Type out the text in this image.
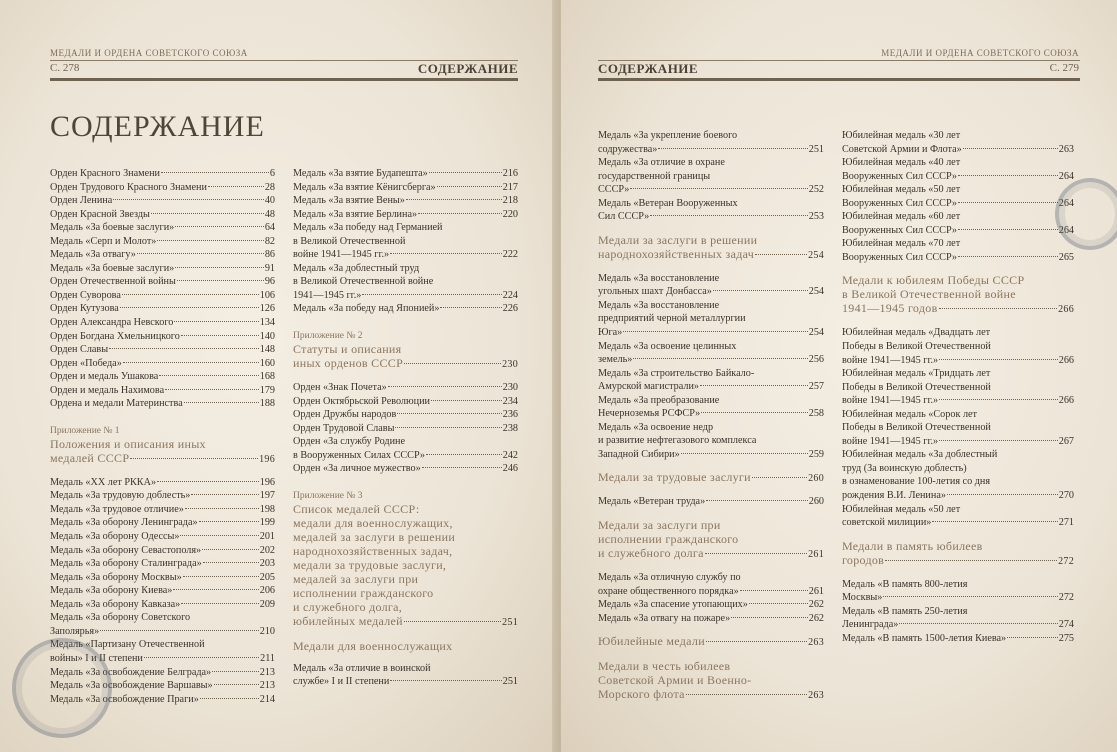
МЕДАЛИ И ОРДЕНА СОВЕТСКОГО СОЮЗА
С. 278	СОДЕРЖАНИЕ
СОДЕРЖАНИЕ
Орден Красного Знамени	6
Орден Трудового Красного Знамени	28
Орден Ленина	40
Орден Красной Звезды	48
Медаль «За боевые заслуги»	64
Медаль «Серп и Молот»	82
Медаль «За отвагу»	86
Медаль «За боевые заслуги»	91
Орден Отечественной войны	96
Орден Суворова	106
Орден Кутузова	126
Орден Александра Невского	134
Орден Богдана Хмельницкого	140
Орден Славы	148
Орден «Победа»	160
Орден и медаль Ушакова	168
Орден и медаль Нахимова	179
Ордена и медали Материнства	188
Приложение № 1
Положения и описания иных
медалей СССР	196
Медаль «XX лет РККА»	196
Медаль «За трудовую доблесть»	197
Медаль «За трудовое отличие»	198
Медаль «За оборону Ленинграда»	199
Медаль «За оборону Одессы»	201
Медаль «За оборону Севастополя»	202
Медаль «За оборону Сталинграда»	203
Медаль «За оборону Москвы»	205
Медаль «За оборону Киева»	206
Медаль «За оборону Кавказа»	209
Медаль «За оборону Советского
Заполярья»	210
Медаль «Партизану Отечественной
войны» I и II степени	211
Медаль «За освобождение Белграда»	213
Медаль «За освобождение Варшавы»	213
Медаль «За освобождение Праги»	214
Медаль «За взятие Будапешта»	216
Медаль «За взятие Кёнигсберга»	217
Медаль «За взятие Вены»	218
Медаль «За взятие Берлина»	220
Медаль «За победу над Германией
в Великой Отечественной
войне 1941—1945 гг.»	222
Медаль «За доблестный труд
в Великой Отечественной войне
1941—1945 гг.»	224
Медаль «За победу над Японией»	226
Приложение № 2
Статуты и описания
иных орденов СССР	230
Орден «Знак Почета»	230
Орден Октябрьской Революции	234
Орден Дружбы народов	236
Орден Трудовой Славы	238
Орден «За службу Родине
в Вооруженных Силах СССР»	242
Орден «За личное мужество»	246
Приложение № 3
Список медалей СССР:
медали для военнослужащих,
медалей за заслуги в решении
народнохозяйственных задач,
медали за трудовые заслуги,
медалей за заслуги при
исполнении гражданского
и служебного долга,
юбилейных медалей	251
Медали для военнослужащих
Медаль «За отличие в воинской
службе» I и II степени	251
МЕДАЛИ И ОРДЕНА СОВЕТСКОГО СОЮЗА
СОДЕРЖАНИЕ	С. 279
Медаль «За укрепление боевого
содружества»	251
Медаль «За отличие в охране
государственной границы
СССР»	252
Медаль «Ветеран Вооруженных
Сил СССР»	253
Медали за заслуги в решении
народнохозяйственных задач	254
Медаль «За восстановление
угольных шахт Донбасса»	254
Медаль «За восстановление
предприятий черной металлургии
Юга»	254
Медаль «За освоение целинных
земель»	256
Медаль «За строительство Байкало-
Амурской магистрали»	257
Медаль «За преобразование
Нечерноземья РСФСР»	258
Медаль «За освоение недр
и развитие нефтегазового комплекса
Западной Сибири»	259
Медали за трудовые заслуги	260
Медаль «Ветеран труда»	260
Медали за заслуги при
исполнении гражданского
и служебного долга	261
Медаль «За отличную службу по
охране общественного порядка»	261
Медаль «За спасение утопающих»	262
Медаль «За отвагу на пожаре»	262
Юбилейные медали	263
Медали в честь юбилеев
Советской Армии и Военно-
Морского флота	263
Юбилейная медаль «30 лет
Советской Армии и Флота»	263
Юбилейная медаль «40 лет
Вооруженных Сил СССР»	264
Юбилейная медаль «50 лет
Вооруженных Сил СССР»	264
Юбилейная медаль «60 лет
Вооруженных Сил СССР»	264
Юбилейная медаль «70 лет
Вооруженных Сил СССР»	265
Медали к юбилеям Победы СССР
в Великой Отечественной войне
1941—1945 годов	266
Юбилейная медаль «Двадцать лет
Победы в Великой Отечественной
войне 1941—1945 гг.»	266
Юбилейная медаль «Тридцать лет
Победы в Великой Отечественной
войне 1941—1945 гг.»	266
Юбилейная медаль «Сорок лет
Победы в Великой Отечественной
войне 1941—1945 гг.»	267
Юбилейная медаль «За доблестный
труд (За воинскую доблесть)
в ознаменование 100-летия со дня
рождения В.И. Ленина»	270
Юбилейная медаль «50 лет
советской милиции»	271
Медали в память юбилеев
городов	272
Медаль «В память 800-летия
Москвы»	272
Медаль «В память 250-летия
Ленинграда»	274
Медаль «В память 1500-летия Киева»	275
